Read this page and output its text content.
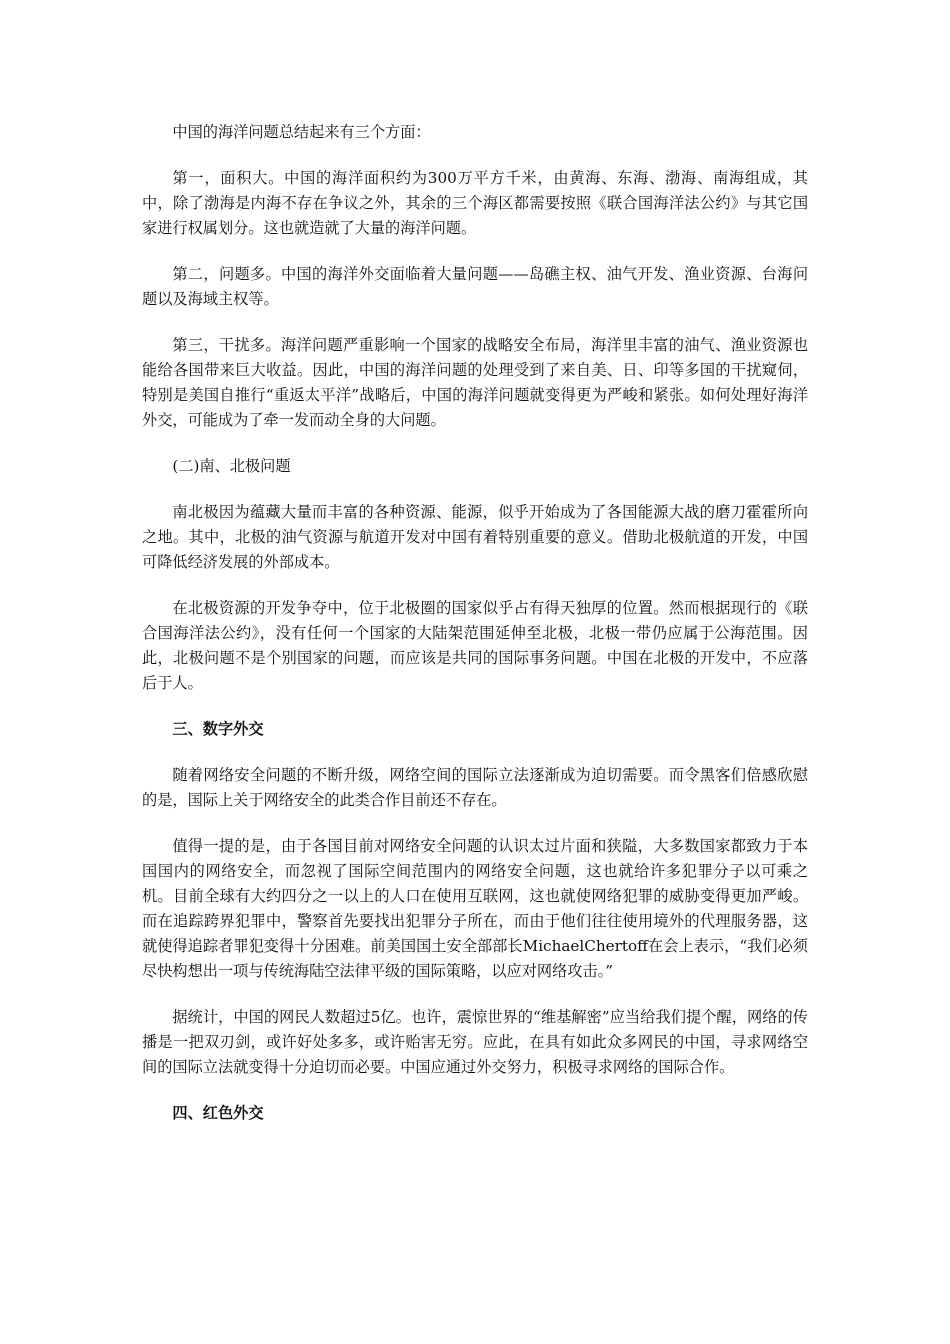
中国的海洋问题总结起来有三个方面：

第一，面积大。中国的海洋面积约为300万平方千米，由黄海、东海、渤海、南海组成，其中，除了渤海是内海不存在争议之外，其余的三个海区都需要按照《联合国海洋法公约》与其它国家进行权属划分。这也就造就了大量的海洋问题。

第二，问题多。中国的海洋外交面临着大量问题——岛礁主权、油气开发、渔业资源、台海问题以及海域主权等。

第三，干扰多。海洋问题严重影响一个国家的战略安全布局，海洋里丰富的油气、渔业资源也能给各国带来巨大收益。因此，中国的海洋问题的处理受到了来自美、日、印等多国的干扰窥伺，特别是美国自推行“重返太平洋”战略后，中国的海洋问题就变得更为严峻和紧张。如何处理好海洋外交，可能成为了牵一发而动全身的大问题。

(二)南、北极问题

南北极因为蕴藏大量而丰富的各种资源、能源，似乎开始成为了各国能源大战的磨刀霍霍所向之地。其中，北极的油气资源与航道开发对中国有着特别重要的意义。借助北极航道的开发，中国可降低经济发展的外部成本。

在北极资源的开发争夺中，位于北极圈的国家似乎占有得天独厚的位置。然而根据现行的《联合国海洋法公约》，没有任何一个国家的大陆架范围延伸至北极，北极一带仍应属于公海范围。因此，北极问题不是个别国家的问题，而应该是共同的国际事务问题。中国在北极的开发中，不应落后于人。

三、数字外交

随着网络安全问题的不断升级，网络空间的国际立法逐渐成为迫切需要。而令黑客们倍感欣慰的是，国际上关于网络安全的此类合作目前还不存在。

值得一提的是，由于各国目前对网络安全问题的认识太过片面和狭隘，大多数国家都致力于本国国内的网络安全，而忽视了国际空间范围内的网络安全问题，这也就给许多犯罪分子以可乘之机。目前全球有大约四分之一以上的人口在使用互联网，这也就使网络犯罪的威胁变得更加严峻。而在追踪跨界犯罪中，警察首先要找出犯罪分子所在，而由于他们往往使用境外的代理服务器，这就使得追踪者罪犯变得十分困难。前美国国土安全部部长MichaelChertoff在会上表示，“我们必须尽快构想出一项与传统海陆空法律平级的国际策略，以应对网络攻击。”

据统计，中国的网民人数超过5亿。也许，震惊世界的“维基解密”应当给我们提个醒，网络的传播是一把双刃剑，或许好处多多，或许贻害无穷。应此，在具有如此众多网民的中国，寻求网络空间的国际立法就变得十分迫切而必要。中国应通过外交努力，积极寻求网络的国际合作。

四、红色外交
